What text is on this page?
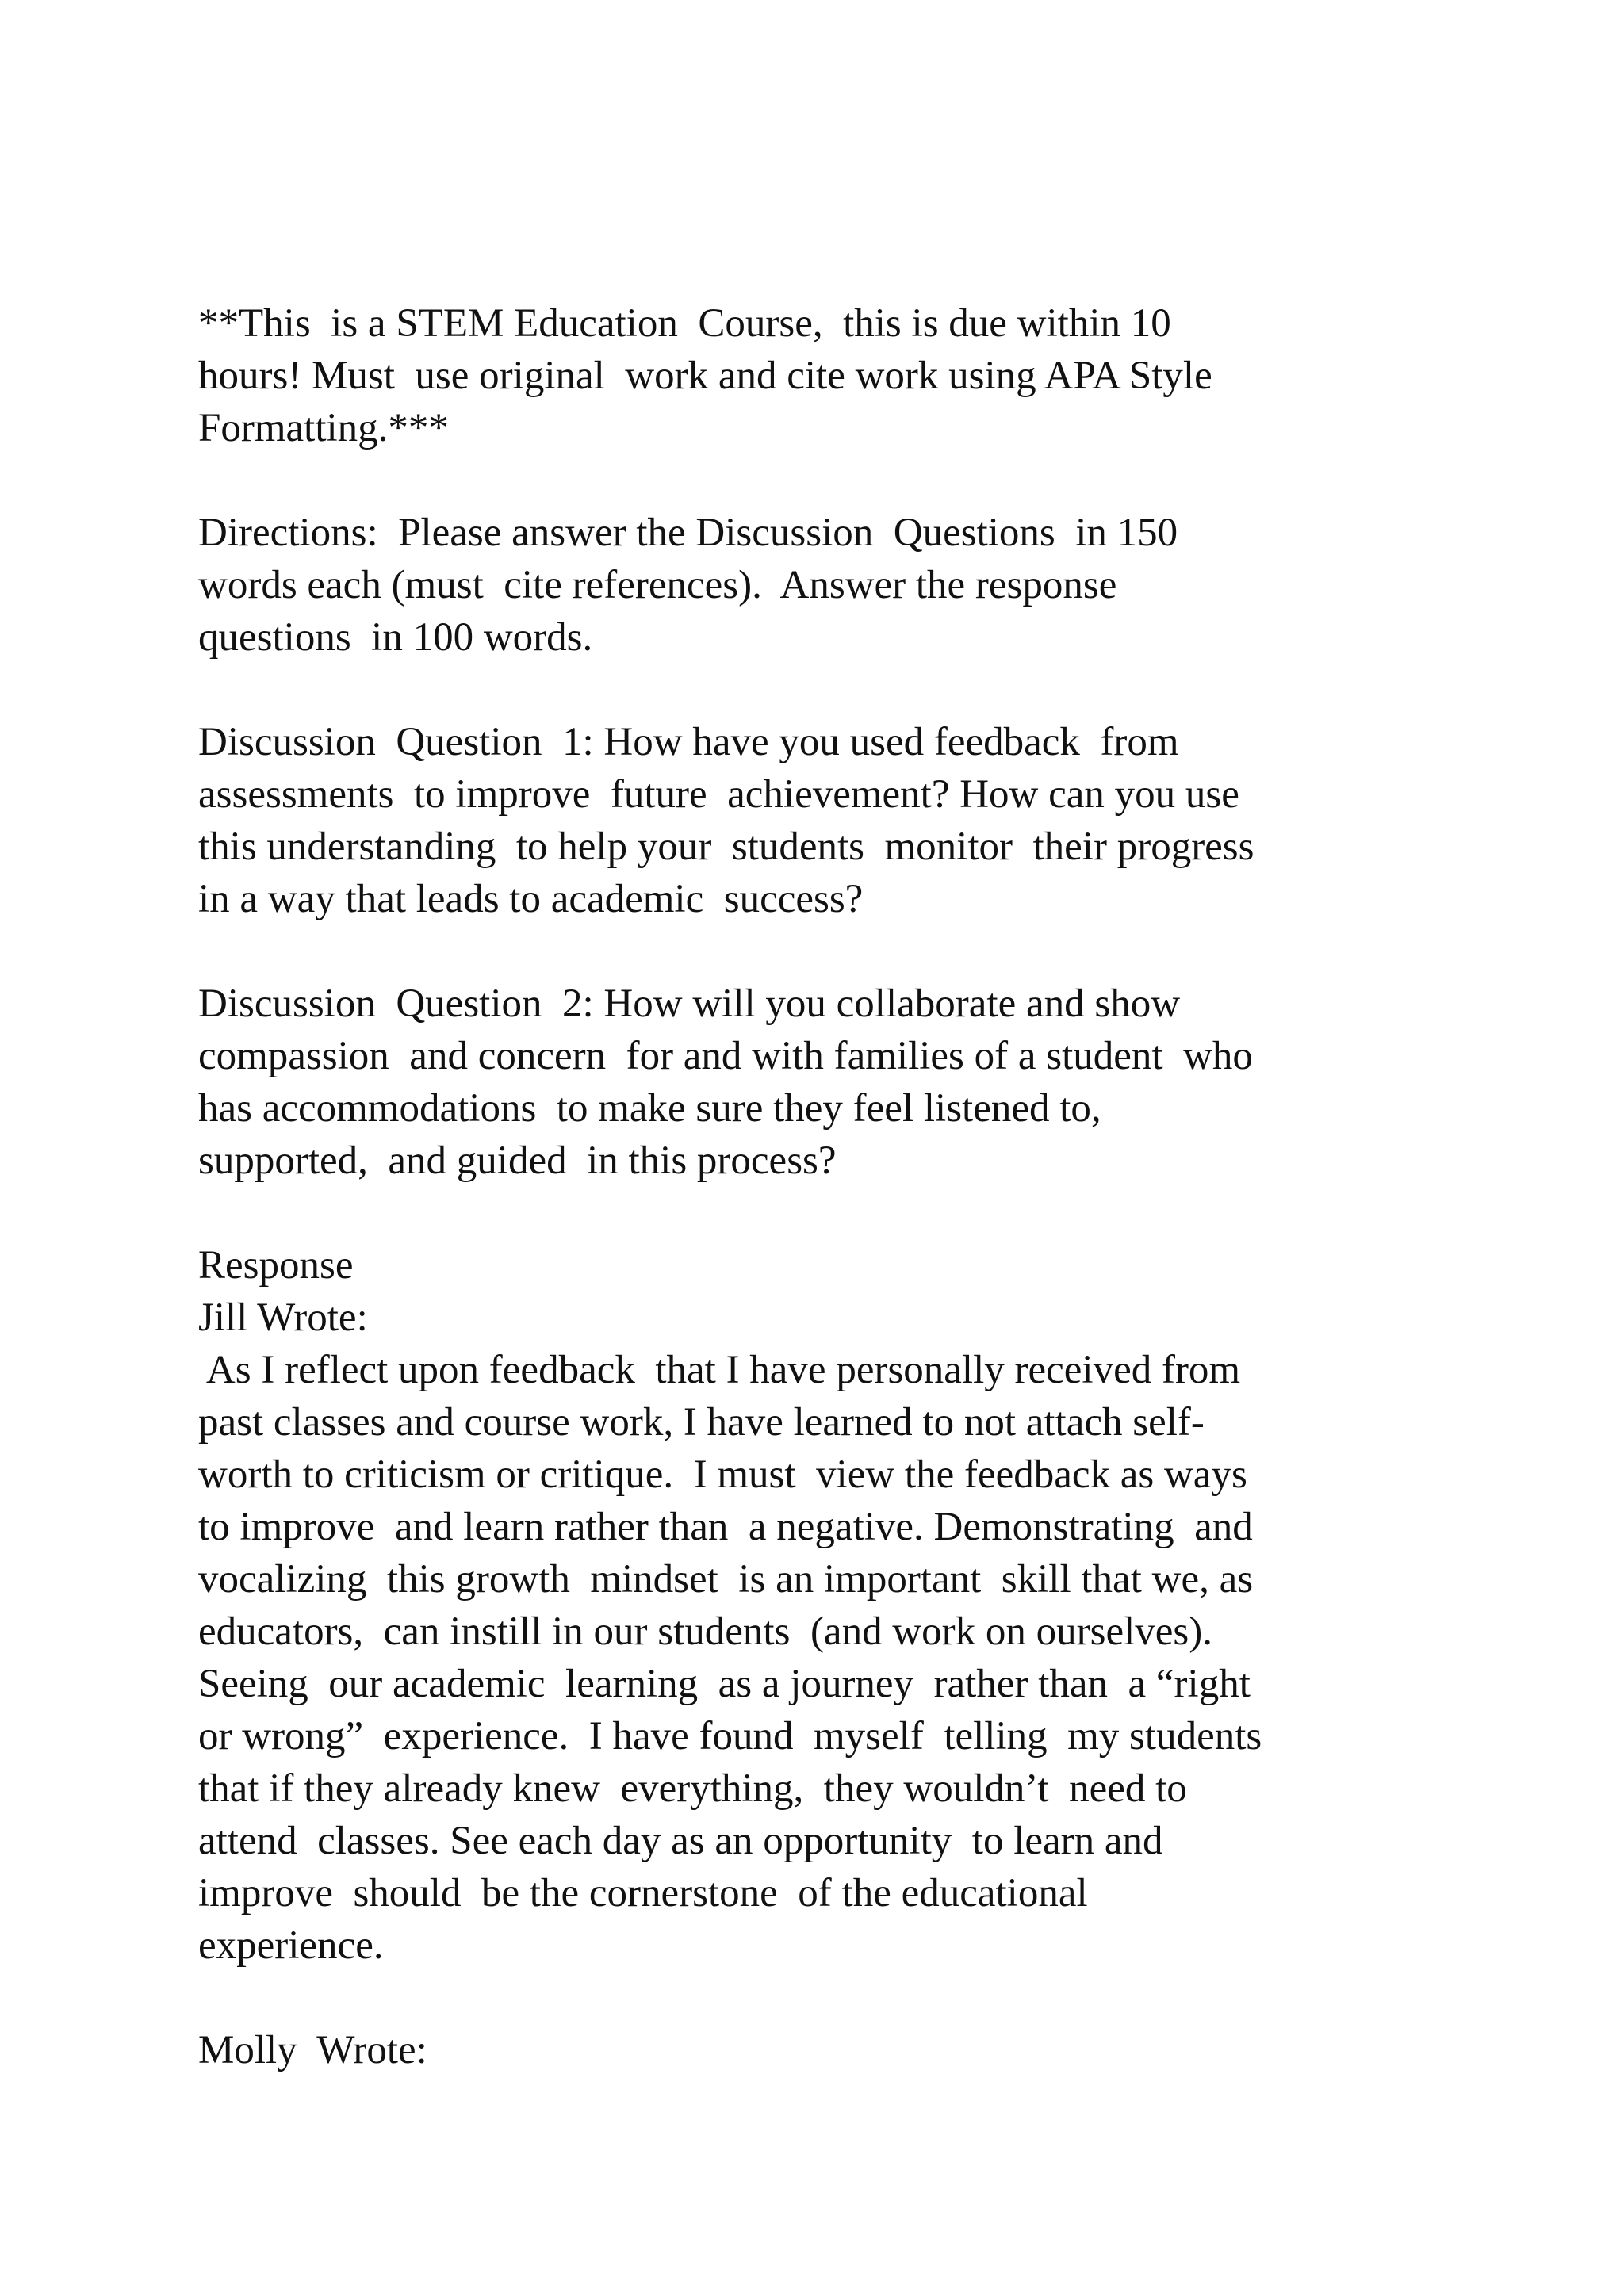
**This  is a STEM Education  Course,  this is due within 10
hours! Must  use original  work and cite work using APA Style
Formatting.***
Directions:  Please answer the Discussion  Questions  in 150
words each (must  cite references).  Answer the response
questions  in 100 words.
Discussion  Question  1: How have you used feedback  from
assessments  to improve  future  achievement? How can you use
this understanding  to help your  students  monitor  their progress
in a way that leads to academic  success?
Discussion  Question  2: How will you collaborate and show
compassion  and concern  for and with families of a student  who
has accommodations  to make sure they feel listened to,
supported,  and guided  in this process?
Response
Jill Wrote:
As I reflect upon feedback  that I have personally received from
past classes and course work, I have learned to not attach self-
worth to criticism or critique.  I must  view the feedback as ways
to improve  and learn rather than  a negative. Demonstrating  and
vocalizing  this growth  mindset  is an important  skill that we, as
educators,  can instill in our students  (and work on ourselves).
Seeing  our academic  learning  as a journey  rather than  a “right
or wrong”  experience.  I have found  myself  telling  my students
that if they already knew  everything,  they wouldn’t  need to
attend  classes. See each day as an opportunity  to learn and
improve  should  be the cornerstone  of the educational
experience.
Molly  Wrote:
